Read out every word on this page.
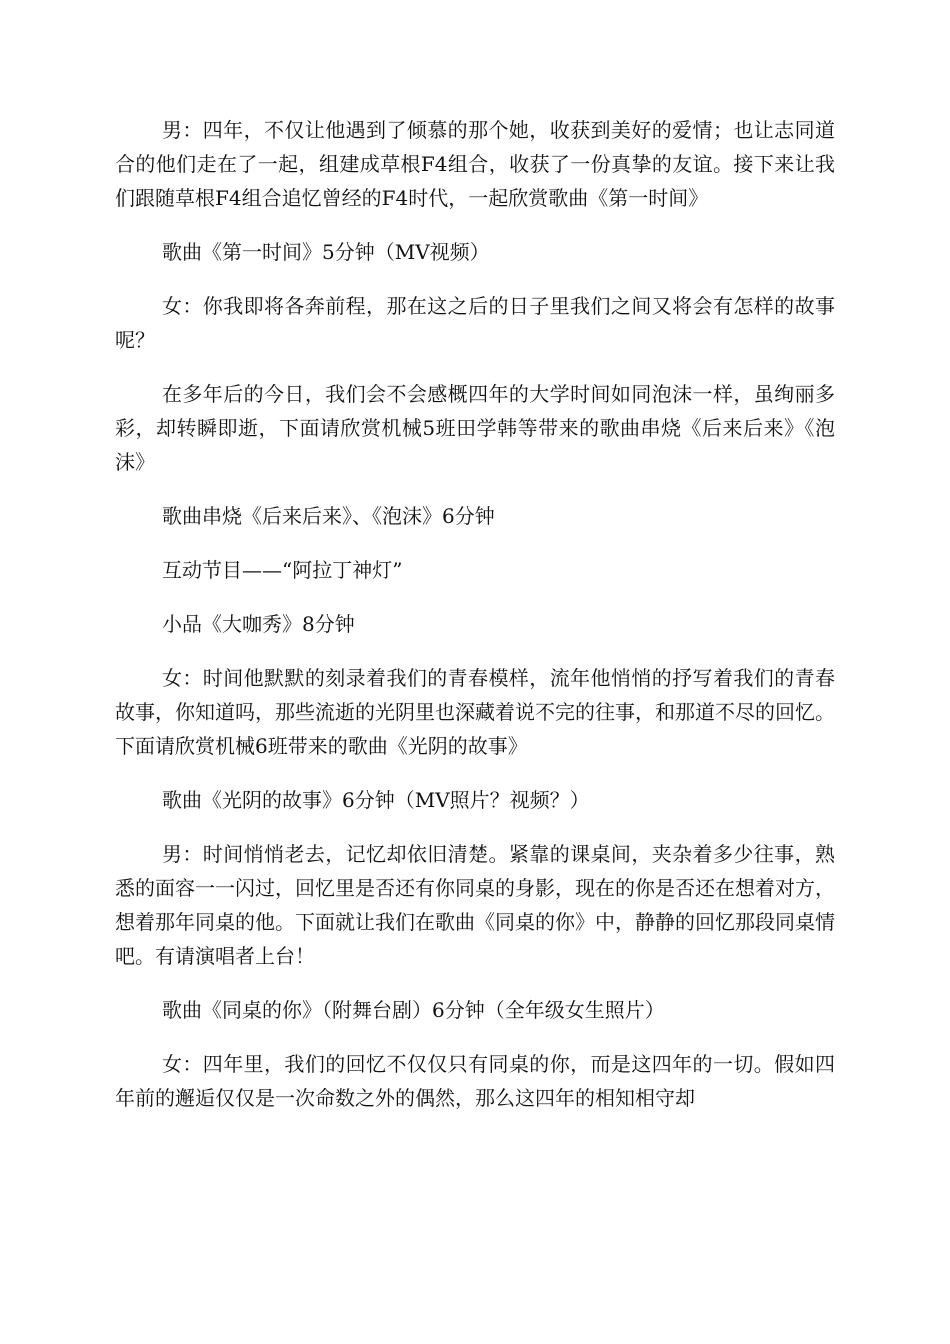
男：四年，不仅让他遇到了倾慕的那个她，收获到美好的爱情；也让志同道合的他们走在了一起，组建成草根F4组合，收获了一份真挚的友谊。接下来让我们跟随草根F4组合追忆曾经的F4时代，一起欣赏歌曲《第一时间》

歌曲《第一时间》5分钟（MV视频）

女：你我即将各奔前程，那在这之后的日子里我们之间又将会有怎样的故事呢？

在多年后的今日，我们会不会感概四年的大学时间如同泡沫一样，虽绚丽多彩，却转瞬即逝，下面请欣赏机械5班田学韩等带来的歌曲串烧《后来后来》《泡沫》

歌曲串烧《后来后来》、《泡沫》6分钟

互动节目——“阿拉丁神灯”

小品《大咖秀》8分钟

女：时间他默默的刻录着我们的青春模样，流年他悄悄的抒写着我们的青春故事，你知道吗，那些流逝的光阴里也深藏着说不完的往事，和那道不尽的回忆。下面请欣赏机械6班带来的歌曲《光阴的故事》

歌曲《光阴的故事》6分钟（MV照片？视频？）

男：时间悄悄老去，记忆却依旧清楚。紧靠的课桌间，夹杂着多少往事，熟悉的面容一一闪过，回忆里是否还有你同桌的身影，现在的你是否还在想着对方，想着那年同桌的他。下面就让我们在歌曲《同桌的你》中，静静的回忆那段同桌情吧。有请演唱者上台！

歌曲《同桌的你》（附舞台剧）6分钟（全年级女生照片）

女：四年里，我们的回忆不仅仅只有同桌的你，而是这四年的一切。假如四年前的邂逅仅仅是一次命数之外的偶然，那么这四年的相知相守却
